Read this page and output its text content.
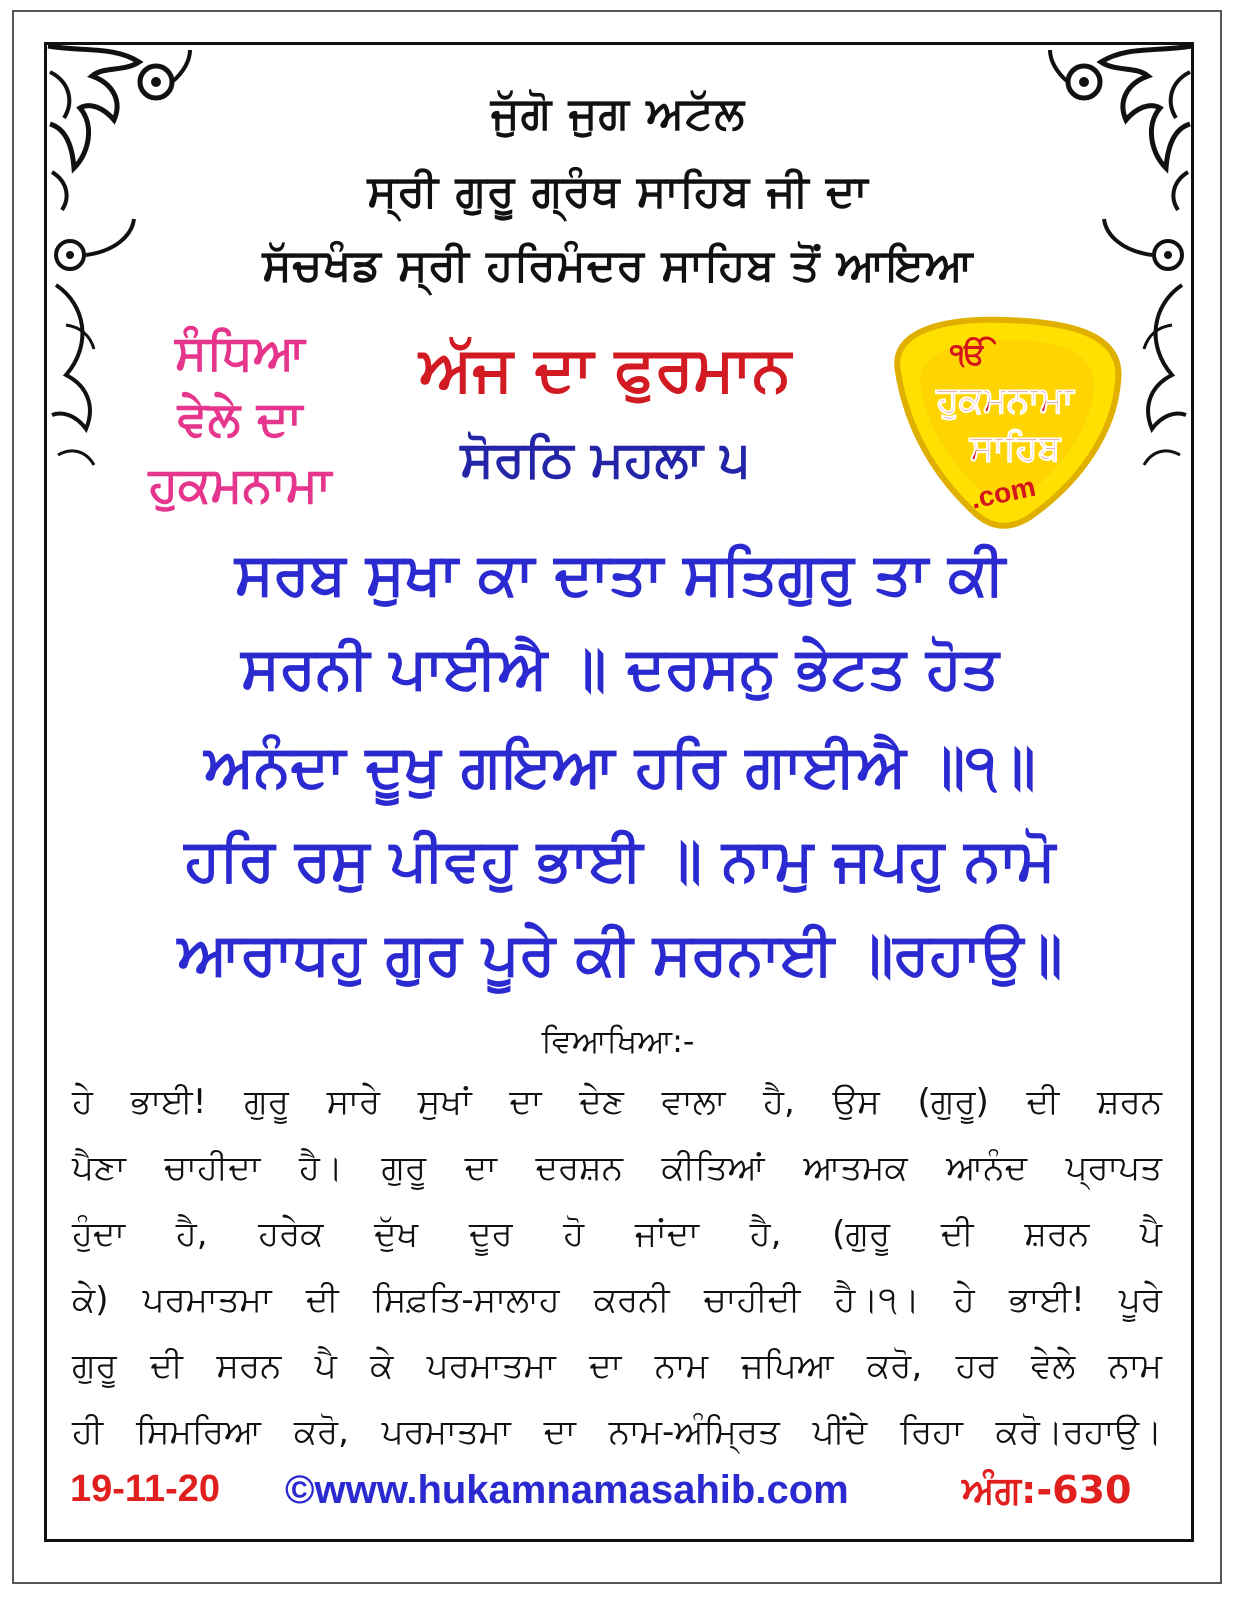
ਜੁੱਗੋ ਜੁਗ ਅਟੱਲ
ਸ੍ਰੀ ਗੁਰੂ ਗ੍ਰੰਥ ਸਾਹਿਬ ਜੀ ਦਾ
ਸੱਚਖੰਡ ਸ੍ਰੀ ਹਰਿਮੰਦਰ ਸਾਹਿਬ ਤੋਂ ਆਇਆ
ਸੰਧਿਆ
ਵੇਲੇ ਦਾ
ਹੁਕਮਨਾਮਾ
ਅੱਜ ਦਾ ਫੁਰਮਾਨ
ਸੋਰਠਿ ਮਹਲਾ ੫
ੴ
ਹੁਕਮਨਾਮਾ
ਸਾਹਿਬ
.com
ਸਰਬ ਸੁਖਾ ਕਾ ਦਾਤਾ ਸਤਿਗੁਰੁ ਤਾ ਕੀ
ਸਰਨੀ ਪਾਈਐ ॥ ਦਰਸਨੁ ਭੇਟਤ ਹੋਤ
ਅਨੰਦਾ ਦੂਖੁ ਗਇਆ ਹਰਿ ਗਾਈਐ ॥੧॥
ਹਰਿ ਰਸੁ ਪੀਵਹੁ ਭਾਈ ॥ ਨਾਮੁ ਜਪਹੁ ਨਾਮੋ
ਆਰਾਧਹੁ ਗੁਰ ਪੂਰੇ ਕੀ ਸਰਨਾਈ ॥ਰਹਾਉ॥
ਵਿਆਖਿਆ:-
ਹੇ ਭਾਈ! ਗੁਰੂ ਸਾਰੇ ਸੁਖਾਂ ਦਾ ਦੇਣ ਵਾਲਾ ਹੈ, ਉਸ (ਗੁਰੂ) ਦੀ ਸ਼ਰਨ
ਪੈਣਾ ਚਾਹੀਦਾ ਹੈ। ਗੁਰੂ ਦਾ ਦਰਸ਼ਨ ਕੀਤਿਆਂ ਆਤਮਕ ਆਨੰਦ ਪ੍ਰਾਪਤ
ਹੁੰਦਾ ਹੈ, ਹਰੇਕ ਦੁੱਖ ਦੂਰ ਹੋ ਜਾਂਦਾ ਹੈ, (ਗੁਰੂ ਦੀ ਸ਼ਰਨ ਪੈ
ਕੇ) ਪਰਮਾਤਮਾ ਦੀ ਸਿਫ਼ਤਿ-ਸਾਲਾਹ ਕਰਨੀ ਚਾਹੀਦੀ ਹੈ।੧। ਹੇ ਭਾਈ! ਪੂਰੇ
ਗੁਰੂ ਦੀ ਸਰਨ ਪੈ ਕੇ ਪਰਮਾਤਮਾ ਦਾ ਨਾਮ ਜਪਿਆ ਕਰੋ, ਹਰ ਵੇਲੇ ਨਾਮ
ਹੀ ਸਿਮਰਿਆ ਕਰੋ, ਪਰਮਾਤਮਾ ਦਾ ਨਾਮ-ਅੰਮ੍ਰਿਤ ਪੀਂਦੇ ਰਿਹਾ ਕਰੋ।ਰਹਾਉ।
19-11-20 ©www.hukamnamasahib.com	ਅੰਗ:-630
